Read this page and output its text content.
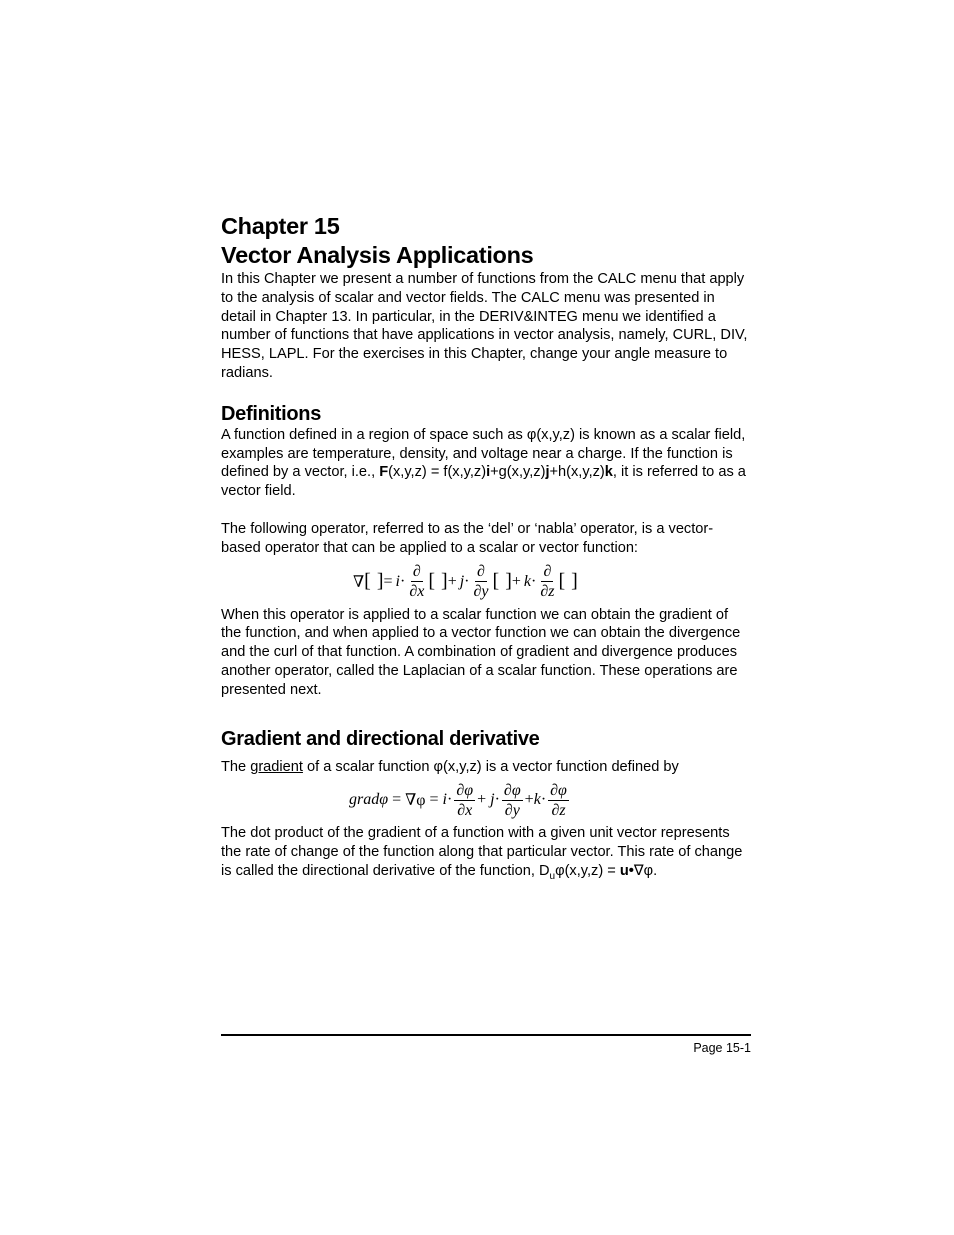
Chapter 15
Vector Analysis Applications

In this Chapter we present a number of functions from the CALC menu that apply to the analysis of scalar and vector fields. The CALC menu was presented in detail in Chapter 13. In particular, in the DERIV&INTEG menu we identified a number of functions that have applications in vector analysis, namely, CURL, DIV, HESS, LAPL. For the exercises in this Chapter, change your angle measure to radians.

Definitions

A function defined in a region of space such as φ(x,y,z) is known as a scalar field, examples are temperature, density, and voltage near a charge. If the function is defined by a vector, i.e., F(x,y,z) = f(x,y,z)i+g(x,y,z)j+h(x,y,z)k, it is referred to as a vector field.

The following operator, referred to as the ‘del’ or ‘nabla’ operator, is a vector-based operator that can be applied to a scalar or vector function:

∇ [ ] = $i \cdot \frac{\partial}{\partial x}$ [ ] + $j \cdot \frac{\partial}{\partial y}$ [ ] + $k \cdot \frac{\partial}{\partial z}$ [ ]

When this operator is applied to a scalar function we can obtain the gradient of the function, and when applied to a vector function we can obtain the divergence and the curl of that function. A combination of gradient and divergence produces another operator, called the Laplacian of a scalar function. These operations are presented next.

Gradient and directional derivative

The gradient of a scalar function φ(x,y,z) is a vector function defined by

gradφ = $\nabla\varphi = i \cdot \frac{\partial\varphi}{\partial x} + j \cdot \frac{\partial\varphi}{\partial y} + k \cdot \frac{\partial\varphi}{\partial z}$

The dot product of the gradient of a function with a given unit vector represents the rate of change of the function along that particular vector. This rate of change is called the directional derivative of the function, $D_u\varphi(x,y,z)$ = u•∇φ.

Page 15-1
